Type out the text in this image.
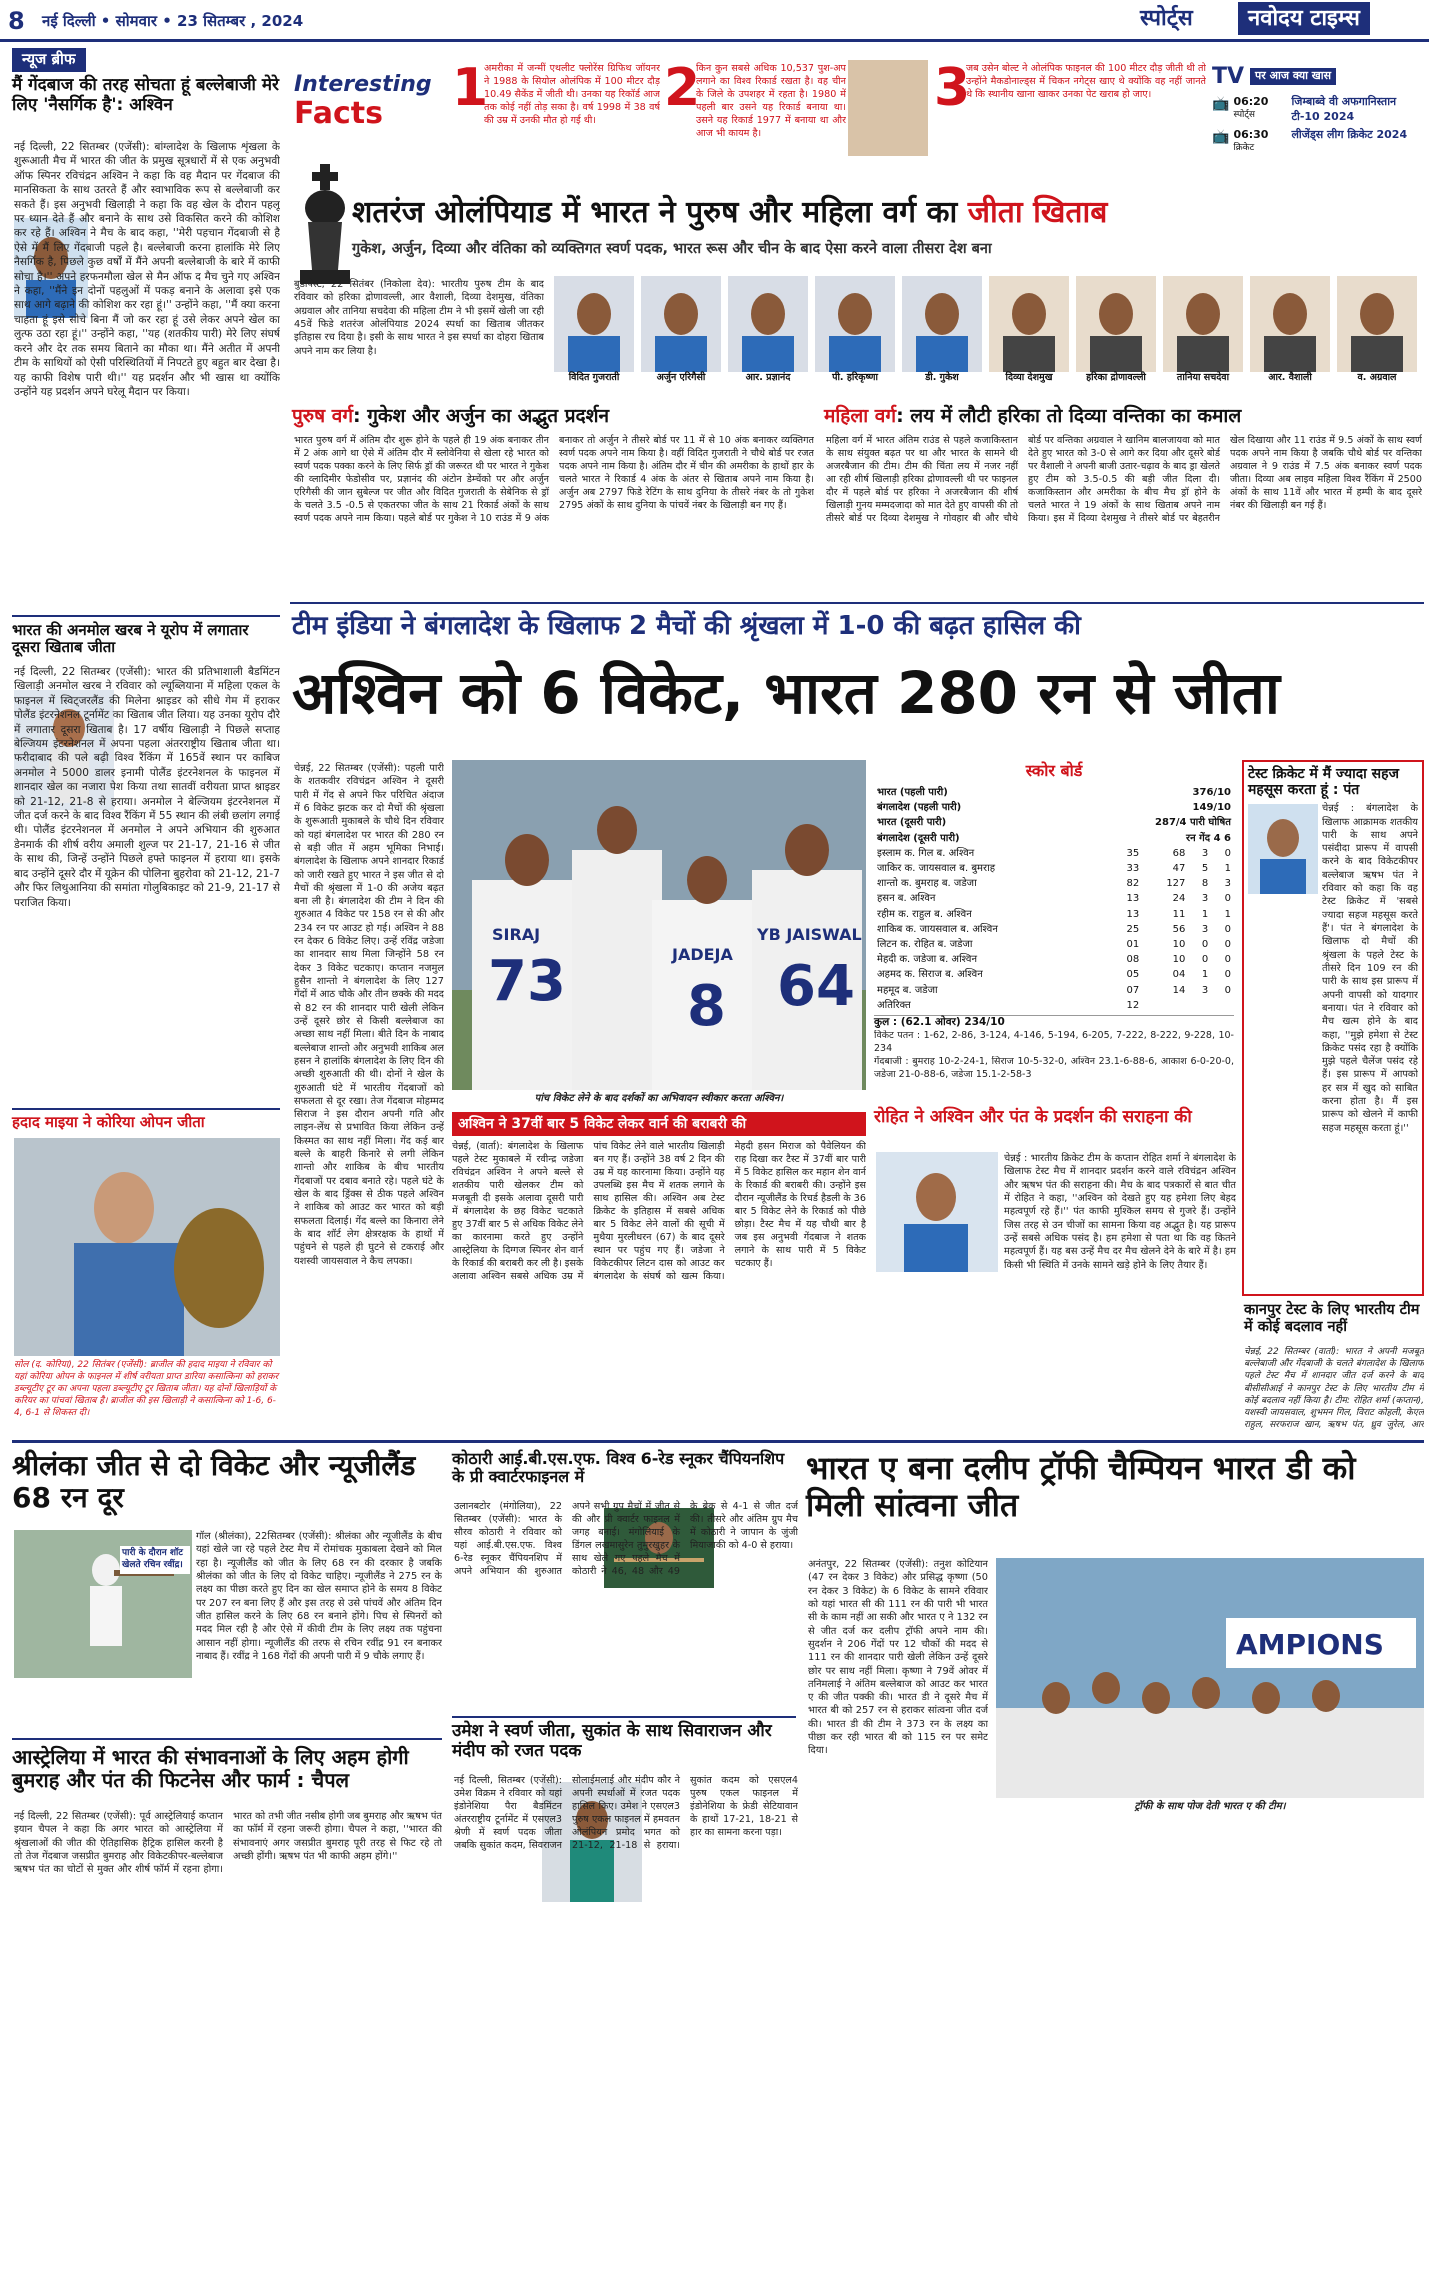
8 नई दिल्ली • सोमवार • 23 सितम्बर , 2024	स्पोर्ट्स	नवोदय टाइम्स
न्यूज ब्रीफ
मैं गेंदबाज की तरह सोचता हूं बल्लेबाजी मेरे लिए 'नैसर्गिक है': अश्विन
नई दिल्ली, 22 सितम्बर (एजेंसी): बांग्लादेश के खिलाफ शृंखला के शुरूआती मैच में भारत की जीत के प्रमुख सूत्रधारों में से एक अनुभवी ऑफ स्पिनर रविचंद्रन अश्विन ने कहा कि वह मैदान पर गेंदबाज की मानसिकता के साथ उतरते हैं और स्वाभाविक रूप से बल्लेबाजी कर सकते हैं। इस अनुभवी खिलाड़ी ने कहा कि वह खेल के दौरान पहलू पर ध्यान देते हैं और बनाने के साथ उसे विकसित करने की कोशिश कर रहे हैं। अश्विन ने मैच के बाद कहा, ''मेरी पहचान गेंदबाजी से है ऐसे में मैं लिए गेंदबाजी पहले है। बल्लेबाजी करना हालांकि मेरे लिए नैसर्गिक है, पिछले कुछ वर्षों में मैंने अपनी बल्लेबाजी के बारे में काफी सोचा है।'' अपने हरफनमौला खेल से मैन ऑफ द मैच चुने गए अश्विन ने कहा, ''मैंने इन दोनों पहलुओं में पकड़ बनाने के अलावा इसे एक साथ आगे बढ़ाने की कोशिश कर रहा हूं।'' उन्होंने कहा, ''मैं क्या करना चाहता हूं इसे सोचे बिना मैं जो कर रहा हूं उसे लेकर अपने खेल का लुत्फ उठा रहा हूं।'' उन्होंने कहा, ''यह (शतकीय पारी) मेरे लिए संघर्ष करने और देर तक समय बिताने का मौका था। मैंने अतीत में अपनी टीम के साथियों को ऐसी परिस्थितियों में निपटते हुए बहुत बार देखा है। यह काफी विशेष पारी थी।'' यह प्रदर्शन और भी खास था क्योंकि उन्होंने यह प्रदर्शन अपने घरेलू मैदान पर किया।
भारत की अनमोल खरब ने यूरोप में लगातार दूसरा खिताब जीता
नई दिल्ली, 22 सितम्बर (एजेंसी): भारत की प्रतिभाशाली बैडमिंटन खिलाड़ी अनमोल खरब ने रविवार को ल्यूब्लियाना में महिला एकल के फाइनल में स्विट्जरलैंड की मिलेना श्नाइडर को सीधे गेम में हराकर पोलैंड इंटरनेशनल टूर्नामेंट का खिताब जीत लिया। यह उनका यूरोप दौरे में लगातार दूसरा खिताब है। 17 वर्षीय खिलाड़ी ने पिछले सप्ताह बेल्जियम इंटरनेशनल में अपना पहला अंतरराष्ट्रीय खिताब जीता था। फरीदाबाद की पले बढ़ी विश्व रैंकिंग में 165वें स्थान पर काबिज अनमोल ने 5000 डालर इनामी पोलैंड इंटरनेशनल के फाइनल में शानदार खेल का नजारा पेश किया तथा सातवीं वरीयता प्राप्त श्नाइडर को 21-12, 21-8 से हराया। अनमोल ने बेल्जियम इंटरनेशनल में जीत दर्ज करने के बाद विश्व रैंकिंग में 55 स्थान की लंबी छलांग लगाई थी। पोलैंड इंटरनेशनल में अनमोल ने अपने अभियान की शुरुआत डेनमार्क की शीर्ष वरीय अमाली शुल्ज पर 21-17, 21-16 से जीत के साथ की, जिन्हें उन्होंने पिछले हफ्ते फाइनल में हराया था। इसके बाद उन्होंने दूसरे दौर में यूक्रेन की पोलिना बुहरोवा को 21-12, 21-7 और फिर लिथुआनिया की समांता गोलुबिकाइट को 21-9, 21-17 से पराजित किया।
हदाद माइया ने कोरिया ओपन जीता
सोल (द. कोरिया), 22 सितंबर (एजेंसी): ब्राजील की हदाद माइया ने रविवार को यहां कोरिया ओपन के फाइनल में शीर्ष वरीयता प्राप्त डारिया कसात्किना को हराकर डब्ल्यूटीए टूर का अपना पहला डब्ल्यूटीए टूर खिताब जीता। यह दोनों खिलाड़ियों के करियर का पांचवां खिताब है। ब्राजील की इस खिलाड़ी ने कसात्किना को 1-6, 6-4, 6-1 से शिकस्त दी।
Interesting
Facts	1
अमरीका में जन्मीं एथलीट फ्लोरेंस ग्रिफिथ जॉयनर ने 1988 के सियोल ओलंपिक में 100 मीटर दौड़ 10.49 सैकेंड में जीती थी। उनका यह रिकॉर्ड आज तक कोई नहीं तोड़ सका है। वर्ष 1998 में 38 वर्ष की उम्र में उनकी मौत हो गई थी।
2
किन कुन सबसे अधिक 10,537 पुश-अप लगाने का विश्व रिकार्ड रखता है। वह चीन के जिले के उपशहर में रहता है। 1980 में पहली बार उसने यह रिकार्ड बनाया था। उसने यह रिकार्ड 1977 में बनाया था और आज भी कायम है।
3
जब उसेन बोल्ट ने ओलंपिक फाइनल की 100 मीटर दौड़ जीती थी तो उन्होंने मैकडोनाल्ड्स में चिकन नगेट्स खाए थे क्योंकि वह नहीं जानते थे कि स्थानीय खाना खाकर उनका पेट खराब हो जाए।
TV	पर आज क्या खास
📺 06:20
स्पोर्ट्स
जिम्बाब्वे वी अफगानिस्तान टी-10 2024
📺 06:30
क्रिकेट
लीजेंड्स लीग क्रिकेट 2024
शतरंज ओलंपियाड में भारत ने पुरुष और महिला वर्ग का जीता खिताब
गुकेश, अर्जुन, दिव्या और वंतिका को व्यक्तिगत स्वर्ण पदक, भारत रूस और चीन के बाद ऐसा करने वाला तीसरा देश बना
बुडापेस्ट, 22 सितंबर (निकोला देव): भारतीय पुरुष टीम के बाद रविवार को हरिका द्रोणावल्ली, आर वैशाली, दिव्या देशमुख, वंतिका अग्रवाल और तानिया सचदेवा की महिला टीम ने भी इसमें खेली जा रही 45वें फिडे शतरंज ओलंपियाड 2024 स्पर्धा का खिताब जीतकर इतिहास रच दिया है। इसी के साथ भारत ने इस स्पर्धा का दोहरा खिताब अपने नाम कर लिया है।
विदित गुजराती	अर्जुन एरिगैसी	आर. प्रज्ञानंद	पी. हरिकृष्णा	डी. गुकेश	दिव्या देशमुख	हरिका द्रोणावल्ली	तानिया सचदेवा	आर. वैशाली	व. अग्रवाल
पुरुष वर्ग: गुकेश और अर्जुन का अद्भुत प्रदर्शन
भारत पुरुष वर्ग में अंतिम दौर शुरू होने के पहले ही 19 अंक बनाकर तीन में 2 अंक आगे था ऐसे में अंतिम दौर में स्लोवेनिया से खेला रहे भारत को स्वर्ण पदक पक्का करने के लिए सिर्फ ड्रॉ की जरूरत थी पर भारत ने गुकेश की व्लादिमीर फेडोसीव पर, प्रज्ञानंद की अंटोन डेम्चेंको पर और अर्जुन एरिगैसी की जान सुबेल्ज पर जीत और विदित गुजराती के सेबेनिक से ड्रॉ के चलते 3.5 -0.5 से एकतरफा जीत के साथ 21 रिकार्ड अंकों के साथ स्वर्ण पदक अपने नाम किया। पहले बोर्ड पर गुकेश ने 10 राउंड में 9 अंक बनाकर तो अर्जुन ने तीसरे बोर्ड पर 11 में से 10 अंक बनाकर व्यक्तिगत स्वर्ण पदक अपने नाम किया है। वहीं विदित गुजराती ने चौथे बोर्ड पर रजत पदक अपने नाम किया है। अंतिम दौर में चीन की अमरीका के हाथों हार के चलते भारत ने रिकार्ड 4 अंक के अंतर से खिताब अपने नाम किया है। अर्जुन अब 2797 फिडे रेटिंग के साथ दुनिया के तीसरे नंबर के तो गुकेश 2795 अंकों के साथ दुनिया के पांचवें नंबर के खिलाड़ी बन गए हैं।
महिला वर्ग: लय में लौटी हरिका तो दिव्या वन्तिका का कमाल
महिला वर्ग में भारत अंतिम राउंड से पहले कजाकिस्तान के साथ संयुक्त बढ़त पर था और भारत के सामने थी अजरबैजान की टीम। टीम की चिंता लय में नजर नहीं आ रही शीर्ष खिलाड़ी हरिका द्रोणावल्ली थी पर फाइनल दौर में पहले बोर्ड पर हरिका ने अजरबैजान की शीर्ष खिलाड़ी गुनय मम्मदजादा को मात देते हुए वापसी की तो तीसरे बोर्ड पर दिव्या देशमुख ने गोवहार बी और चौथे बोर्ड पर वन्तिका अग्रवाल ने खानिम बालजायवा को मात देते हुए भारत को 3-0 से आगे कर दिया और दूसरे बोर्ड पर वैशाली ने अपनी बाजी उतार-चढ़ाव के बाद ड्रा खेलते हुए टीम को 3.5-0.5 की बड़ी जीत दिला दी। कजाकिस्तान और अमरीका के बीच मैच ड्रॉ होने के चलते भारत ने 19 अंकों के साथ खिताब अपने नाम किया। इस में दिव्या देशमुख ने तीसरे बोर्ड पर बेहतरीन खेल दिखाया और 11 राउंड में 9.5 अंकों के साथ स्वर्ण पदक अपने नाम किया है जबकि चौथे बोर्ड पर वन्तिका अग्रवाल ने 9 राउंड में 7.5 अंक बनाकर स्वर्ण पदक जीता। दिव्या अब लाइव महिला विश्व रैंकिंग में 2500 अंकों के साथ 11वें और भारत में हम्पी के बाद दूसरे नंबर की खिलाड़ी बन गई हैं।
टीम इंडिया ने बंगलादेश के खिलाफ 2 मैचों की श्रृंखला में 1-0 की बढ़त हासिल की
अश्विन को 6 विकेट, भारत 280 रन से जीता
चेन्नई, 22 सितम्बर (एजेंसी): पहली पारी के शतकवीर रविचंद्रन अश्विन ने दूसरी पारी में गेंद से अपने फिर परिचित अंदाज में 6 विकेट झटक कर दो मैचों की श्रृंखला के शुरूआती मुकाबले के चौथे दिन रविवार को यहां बंगलादेश पर भारत की 280 रन से बड़ी जीत में अहम भूमिका निभाई।बंगलादेश के खिलाफ अपने शानदार रिकार्ड को जारी रखते हुए भारत ने इस जीत से दो मैचों की श्रृंखला में 1-0 की अजेय बढ़त बना ली है। बंगलादेश की टीम ने दिन की शुरुआत 4 विकेट पर 158 रन से की और 234 रन पर आउट हो गई। अश्विन ने 88 रन देकर 6 विकेट लिए। उन्हें रविंद्र जडेजा का शानदार साथ मिला जिन्होंने 58 रन देकर 3 विकेट चटकाए। कप्तान नजमुल हुसैन शान्तो ने बंगलादेश के लिए 127 गेंदों में आठ चौके और तीन छक्के की मदद से 82 रन की शानदार पारी खेली लेकिन उन्हें दूसरे छोर से किसी बल्लेबाज का अच्छा साथ नहीं मिला। बीते दिन के नाबाद बल्लेबाज शान्तो और अनुभवी शाकिब अल हसन ने हालांकि बंगलादेश के लिए दिन की अच्छी शुरुआती की थी। दोनों ने खेल के शुरुआती घंटे में भारतीय गेंदबाजों को सफलता से दूर रखा। तेज गेंदबाज मोहम्मद सिराज ने इस दौरान अपनी गति और लाइन-लेंथ से प्रभावित किया लेकिन उन्हें किस्मत का साथ नहीं मिला। गेंद कई बार बल्ले के बाहरी किनारे से लगी लेकिन शान्तो और शाकिब के बीच भारतीय गेंदबाजों पर दबाव बनाते रहे। पहले घंटे के खेल के बाद ड्रिंक्स से ठीक पहले अश्विन ने शाकिब को आउट कर भारत को बड़ी सफलता दिलाई। गेंद बल्ले का किनारा लेने के बाद शॉर्ट लेग क्षेत्ररक्षक के हाथों में पहुंचने से पहले ही घुटने से टकराई और यशस्वी जायसवाल ने कैच लपका।
SIRAJ
73	JADEJA
8
YB JAISWAL
64
पांच विकेट लेने के बाद दर्शकों का अभिवादन स्वीकार करता अश्विन।
अश्विन ने 37वीं बार 5 विकेट लेकर वार्न की बराबरी की
चेन्नई, (वार्ता): बंगलादेश के खिलाफ पहले टेस्ट मुकाबले में रवीन्द्र जडेजा रविचंद्रन अश्विन ने अपने बल्ले से शतकीय पारी खेलकर टीम को मजबूती दी इसके अलावा दूसरी पारी में बंगलादेश के छह विकेट चटकाते हुए 37वीं बार 5 से अधिक विकेट लेने का कारनामा करते हुए उन्होंने आस्ट्रेलिया के दिग्गज स्पिनर शेन वार्न के रिकार्ड की बराबरी कर ली है। इसके अलावा अश्विन सबसे अधिक उम्र में पांच विकेट लेने वाले भारतीय खिलाड़ी बन गए हैं। उन्होंने 38 वर्ष 2 दिन की उम्र में यह कारनामा किया। उन्होंने यह उपलब्धि इस मैच में शतक लगाने के साथ हासिल की। अश्विन अब टेस्ट क्रिकेट के इतिहास में सबसे अधिक बार 5 विकेट लेने वालों की सूची में मुथैया मुरलीधरन (67) के बाद दूसरे स्थान पर पहुंच गए हैं। जडेजा ने विकेटकीपर लिटन दास को आउट कर बंगलादेश के संघर्ष को खत्म किया। मेहदी हसन मिराज को पैवेलियन की राह दिखा कर टैस्ट में 37वीं बार पारी में 5 विकेट हासिल कर महान शेन वार्न के रिकार्ड की बराबरी की। उन्होंने इस दौरान न्यूजीलैंड के रिचर्ड हैडली के 36 बार 5 विकेट लेने के रिकार्ड को पीछे छोड़ा। टैस्ट मैच में यह चौथी बार है जब इस अनुभवी गेंदबाज ने शतक लगाने के साथ पारी में 5 विकेट चटकाए हैं।
स्कोर बोर्ड
भारत (पहली पारी)	376/10
बंगलादेश (पहली पारी)	149/10
भारत (दूसरी पारी)	287/4 पारी घोषित
बंगलादेश (दूसरी पारी)	रन गेंद 4 6
इस्लाम क. गिल ब. अश्विन	35	68	3	0
जाकिर क. जायसवाल ब. बुमराह	33	47	5	1
शान्तो क. बुमराह ब. जडेजा	82	127	8	3
हसन ब. अश्विन	13	24	3	0
रहीम क. राहुल ब. अश्विन	13	11	1	1
शाकिब क. जायसवाल ब. अश्विन	25	56	3	0
लिटन क. रोहित ब. जडेजा	01	10	0	0
मेहदी क. जडेजा ब. अश्विन	08	10	0	0
अहमद क. सिराज ब. अश्विन	05	04	1	0
महमूद ब. जडेजा	07	14	3	0
अतिरिक्त	12			
कुल : (62.1 ओवर) 234/10
विकेट पतन : 1-62, 2-86, 3-124, 4-146, 5-194, 6-205, 7-222, 8-222, 9-228, 10-234
गेंदबाजी : बुमराह 10-2-24-1, सिराज 10-5-32-0, अश्विन 23.1-6-88-6, आकाश 6-0-20-0, जडेजा 21-0-88-6, जडेजा 15.1-2-58-3
टेस्ट क्रिकेट में मैं ज्यादा सहज महसूस करता हूं : पंत
चेन्नई : बंगलादेश के खिलाफ आक्रामक शतकीय पारी के साथ अपने पसंदीदा प्रारूप में वापसी करने के बाद विकेटकीपर बल्लेबाज ऋषभ पंत ने रविवार को कहा कि वह टेस्ट क्रिकेट में 'सबसे ज्यादा सहज महसूस करते हैं'। पंत ने बंगलादेश के खिलाफ दो मैचों की श्रृंखला के पहले टेस्ट के तीसरे दिन 109 रन की पारी के साथ इस प्रारूप में अपनी वापसी को यादगार बनाया। पंत ने रविवार को मैच खत्म होने के बाद कहा, ''मुझे हमेशा से टेस्ट क्रिकेट पसंद रहा है क्योंकि मुझे पहले चैलेंज पसंद रहे हैं। इस प्रारूप में आपको हर सत्र में खुद को साबित करना होता है। मैं इस प्रारूप को खेलने में काफी सहज महसूस करता हूं।''
रोहित ने अश्विन और पंत के प्रदर्शन की सराहना की
चेन्नई : भारतीय क्रिकेट टीम के कप्तान रोहित शर्मा ने बंगलादेश के खिलाफ टेस्ट मैच में शानदार प्रदर्शन करने वाले रविचंद्रन अश्विन और ऋषभ पंत की सराहना की। मैच के बाद पत्रकारों से बात चीत में रोहित ने कहा, ''अश्विन को देखते हुए यह हमेशा लिए बेहद महत्वपूर्ण रहे हैं।'' पंत काफी मुश्किल समय से गुजरे हैं। उन्होंने जिस तरह से उन चीजों का सामना किया वह अद्भुत है। यह प्रारूप उन्हें सबसे अधिक पसंद है। हम हमेशा से पता था कि वह कितने महत्वपूर्ण हैं। यह बस उन्हें मैच दर मैच खेलने देने के बारे में है। हम किसी भी स्थिति में उनके सामने खड़े होने के लिए तैयार हैं।
कानपुर टेस्ट के लिए भारतीय टीम में कोई बदलाव नहीं
चेन्नई, 22 सितम्बर (वार्ता): भारत ने अपनी मजबूत बल्लेबाजी और गेंदबाजी के चलते बंगलादेश के खिलाफ पहले टेस्ट मैच में शानदार जीत दर्ज करने के बाद बीसीसीआई ने कानपुर टेस्ट के लिए भारतीय टीम में कोई बदलाव नहीं किया है। टीम: रोहित शर्मा (कप्तान), यशस्वी जायसवाल, शुभमन गिल, विराट कोहली, केएल राहुल, सरफराज खान, ऋषभ पंत, ध्रुव जुरेल, आर
श्रीलंका जीत से दो विकेट और न्यूजीलैंड 68 रन दूर
पारी के दौरान शॉट खेलते रचिन रवींद्र।
गॉल (श्रीलंका), 22सितम्बर (एजेंसी): श्रीलंका और न्यूजीलैंड के बीच यहां खेले जा रहे पहले टेस्ट मैच में रोमांचक मुकाबला देखने को मिल रहा है। न्यूजीलैंड को जीत के लिए 68 रन की दरकार है जबकि श्रीलंका को जीत के लिए दो विकेट चाहिए। न्यूजीलैंड ने 275 रन के लक्ष्य का पीछा करते हुए दिन का खेल समाप्त होने के समय 8 विकेट पर 207 रन बना लिए हैं और इस तरह से उसे पांचवें और अंतिम दिन जीत हासिल करने के लिए 68 रन बनाने होंगे। पिच से स्पिनरों को मदद मिल रही है और ऐसे में कीवी टीम के लिए लक्ष्य तक पहुंचना आसान नहीं होगा। न्यूजीलैंड की तरफ से रचिन रवींद्र 91 रन बनाकर नाबाद हैं। रवींद्र ने 168 गेंदों की अपनी पारी में 9 चौके लगाए हैं।
आस्ट्रेलिया में भारत की संभावनाओं के लिए अहम होगी बुमराह और पंत की फिटनेस और फार्म : चैपल
नई दिल्ली, 22 सितम्बर (एजेंसी): पूर्व आस्ट्रेलियाई कप्तान इयान चैपल ने कहा कि अगर भारत को आस्ट्रेलिया में श्रृंखलाओं की जीत की ऐतिहासिक हैट्रिक हासिल करनी है तो तेज गेंदबाज जसप्रीत बुमराह और विकेटकीपर-बल्लेबाज ऋषभ पंत का चोटों से मुक्त और शीर्ष फॉर्म में रहना होगा। भारत को तभी जीत नसीब होगी जब बुमराह और ऋषभ पंत का फॉर्म में रहना जरूरी होगा। चैपल ने कहा, ''भारत की संभावनाएं अगर जसप्रीत बुमराह पूरी तरह से फिट रहे तो अच्छी होंगी। ऋषभ पंत भी काफी अहम होंगे।''
कोठारी आई.बी.एस.एफ. विश्व 6-रेड स्नूकर चैंपियनशिप के प्री क्वार्टरफाइनल में
उलानबटोर (मंगोलिया), 22 सितम्बर (एजेंसी): भारत के सौरव कोठारी ने रविवार को यहां आई.बी.एस.एफ. विश्व 6-रेड स्नूकर चैंपियनशिप में अपने अभियान की शुरुआत अपने सभी ग्रुप मैचों में जीत से की और प्री क्वार्टर फाइनल में जगह बनाई। मंगोलियाई के डिंगल लखमासुरेन तुमुरखुहर के साथ खेले गए पहले मैच में कोठारी ने 46, 48 और 49 के ब्रेक से 4-1 से जीत दर्ज की। तीसरे और अंतिम ग्रुप मैच में कोठारी ने जापान के जुंजी मियाजाकी को 4-0 से हराया।
उमेश ने स्वर्ण जीता, सुकांत के साथ सिवाराजन और मंदीप को रजत पदक
नई दिल्ली, सितम्बर (एजेंसी): उमेश विक्रम ने रविवार को यहां इंडोनेशिया पैरा बैडमिंटन अंतरराष्ट्रीय टूर्नामेंट में एसएल3 श्रेणी में स्वर्ण पदक जीता जबकि सुकांत कदम, सिवराजन सोलाईमलाई और मंदीप कौर ने अपनी स्पर्धाओं में रजत पदक हासिल किए। उमेश ने एसएल3 पुरुष एकल फाइनल में हमवतन ओलंपियन प्रमोद भगत को 21-12, 21-18 से हराया। सुकांत कदम को एसएल4 पुरुष एकल फाइनल में इंडोनेशिया के फ्रेडी सेटियावान के हाथों 17-21, 18-21 से हार का सामना करना पड़ा।
भारत ए बना दलीप ट्रॉफी चैम्पियन भारत डी को मिली सांत्वना जीत
अनंतपुर, 22 सितम्बर (एजेंसी): तनुश कोटियान (47 रन देकर 3 विकेट) और प्रसिद्ध कृष्णा (50 रन देकर 3 विकेट) के 6 विकेट के सामने रविवार को यहां भारत सी की 111 रन की पारी भी भारत सी के काम नहीं आ सकी और भारत ए ने 132 रन से जीत दर्ज कर दलीप ट्रॉफी अपने नाम की। सुदर्शन ने 206 गेंदों पर 12 चौकों की मदद से 111 रन की शानदार पारी खेली लेकिन उन्हें दूसरे छोर पर साथ नहीं मिला। कृष्णा ने 79वें ओवर में तनिमलाई ने अंतिम बल्लेबाज को आउट कर भारत ए की जीत पक्की की। भारत डी ने दूसरे मैच में भारत बी को 257 रन से हराकर सांत्वना जीत दर्ज की। भारत डी की टीम ने 373 रन के लक्ष्य का पीछा कर रही भारत बी को 115 रन पर समेट दिया।
AMPIONS
ट्रॉफी के साथ पोज देती भारत ए की टीम।
